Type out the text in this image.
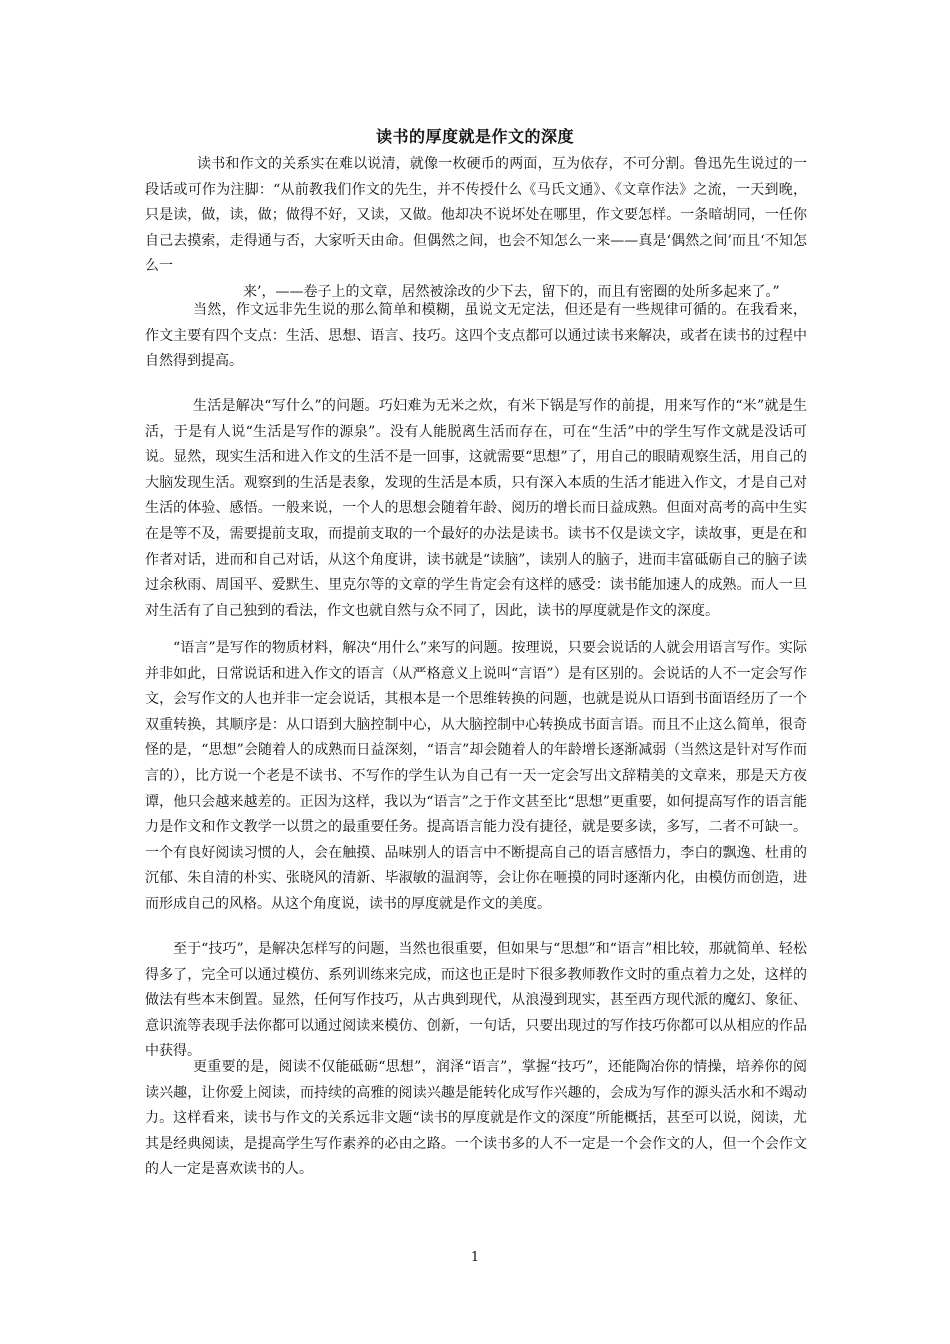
读书的厚度就是作文的深度

读书和作文的关系实在难以说清，就像一枚硬币的两面，互为依存，不可分割。鲁迅先生说过的一段话或可作为注脚：“从前教我们作文的先生，并不传授什么《马氏文通》、《文章作法》之流，一天到晚，只是读，做，读，做；做得不好，又读，又做。他却决不说坏处在哪里，作文要怎样。一条暗胡同，一任你自己去摸索，走得通与否，大家听天由命。但偶然之间，也会不知怎么一来——真是‘偶然之间’而且‘不知怎么一
来’，——卷子上的文章，居然被涂改的少下去，留下的，而且有密圈的处所多起来了。”

当然，作文远非先生说的那么简单和模糊，虽说文无定法，但还是有一些规律可循的。在我看来，作文主要有四个支点：生活、思想、语言、技巧。这四个支点都可以通过读书来解决，或者在读书的过程中自然得到提高。

生活是解决“写什么”的问题。巧妇难为无米之炊，有米下锅是写作的前提，用来写作的“米”就是生活，于是有人说“生活是写作的源泉”。没有人能脱离生活而存在，可在“生活”中的学生写作文就是没话可说。显然，现实生活和进入作文的生活不是一回事，这就需要“思想”了，用自己的眼睛观察生活，用自己的大脑发现生活。观察到的生活是表象，发现的生活是本质，只有深入本质的生活才能进入作文，才是自己对生活的体验、感悟。一般来说，一个人的思想会随着年龄、阅历的增长而日益成熟。但面对高考的高中生实在是等不及，需要提前支取，而提前支取的一个最好的办法是读书。读书不仅是读文字，读故事，更是在和作者对话，进而和自己对话，从这个角度讲，读书就是“读脑”，读别人的脑子，进而丰富砥砺自己的脑子读过余秋雨、周国平、爱默生、里克尔等的文章的学生肯定会有这样的感受：读书能加速人的成熟。而人一旦对生活有了自己独到的看法，作文也就自然与众不同了，因此，读书的厚度就是作文的深度。

“语言”是写作的物质材料，解决“用什么”来写的问题。按理说，只要会说话的人就会用语言写作。实际并非如此，日常说话和进入作文的语言（从严格意义上说叫“言语”）是有区别的。会说话的人不一定会写作文，会写作文的人也并非一定会说话，其根本是一个思维转换的问题，也就是说从口语到书面语经历了一个双重转换，其顺序是：从口语到大脑控制中心，从大脑控制中心转换成书面言语。而且不止这么简单，很奇怪的是，“思想”会随着人的成熟而日益深刻，“语言”却会随着人的年龄增长逐渐减弱（当然这是针对写作而言的），比方说一个老是不读书、不写作的学生认为自己有一天一定会写出文辞精美的文章来，那是天方夜谭，他只会越来越差的。正因为这样，我以为“语言”之于作文甚至比“思想”更重要，如何提高写作的语言能力是作文和作文教学一以贯之的最重要任务。提高语言能力没有捷径，就是要多读，多写，二者不可缺一。一个有良好阅读习惯的人，会在触摸、品味别人的语言中不断提高自己的语言感悟力，李白的飘逸、杜甫的沉郁、朱自清的朴实、张晓风的清新、毕淑敏的温润等，会让你在咂摸的同时逐渐内化，由模仿而创造，进而形成自己的风格。从这个角度说，读书的厚度就是作文的美度。

至于“技巧”，是解决怎样写的问题，当然也很重要，但如果与“思想”和“语言”相比较，那就简单、轻松得多了，完全可以通过模仿、系列训练来完成，而这也正是时下很多教师教作文时的重点着力之处，这样的做法有些本末倒置。显然，任何写作技巧，从古典到现代，从浪漫到现实，甚至西方现代派的魔幻、象征、意识流等表现手法你都可以通过阅读来模仿、创新，一句话，只要出现过的写作技巧你都可以从相应的作品中获得。

更重要的是，阅读不仅能砥砺“思想”，润泽“语言”，掌握“技巧”，还能陶冶你的情操，培养你的阅读兴趣，让你爱上阅读，而持续的高雅的阅读兴趣是能转化成写作兴趣的，会成为写作的源头活水和不竭动力。这样看来，读书与作文的关系远非文题“读书的厚度就是作文的深度”所能概括，甚至可以说，阅读，尤其是经典阅读，是提高学生写作素养的必由之路。一个读书多的人不一定是一个会作文的人，但一个会作文的人一定是喜欢读书的人。

1
